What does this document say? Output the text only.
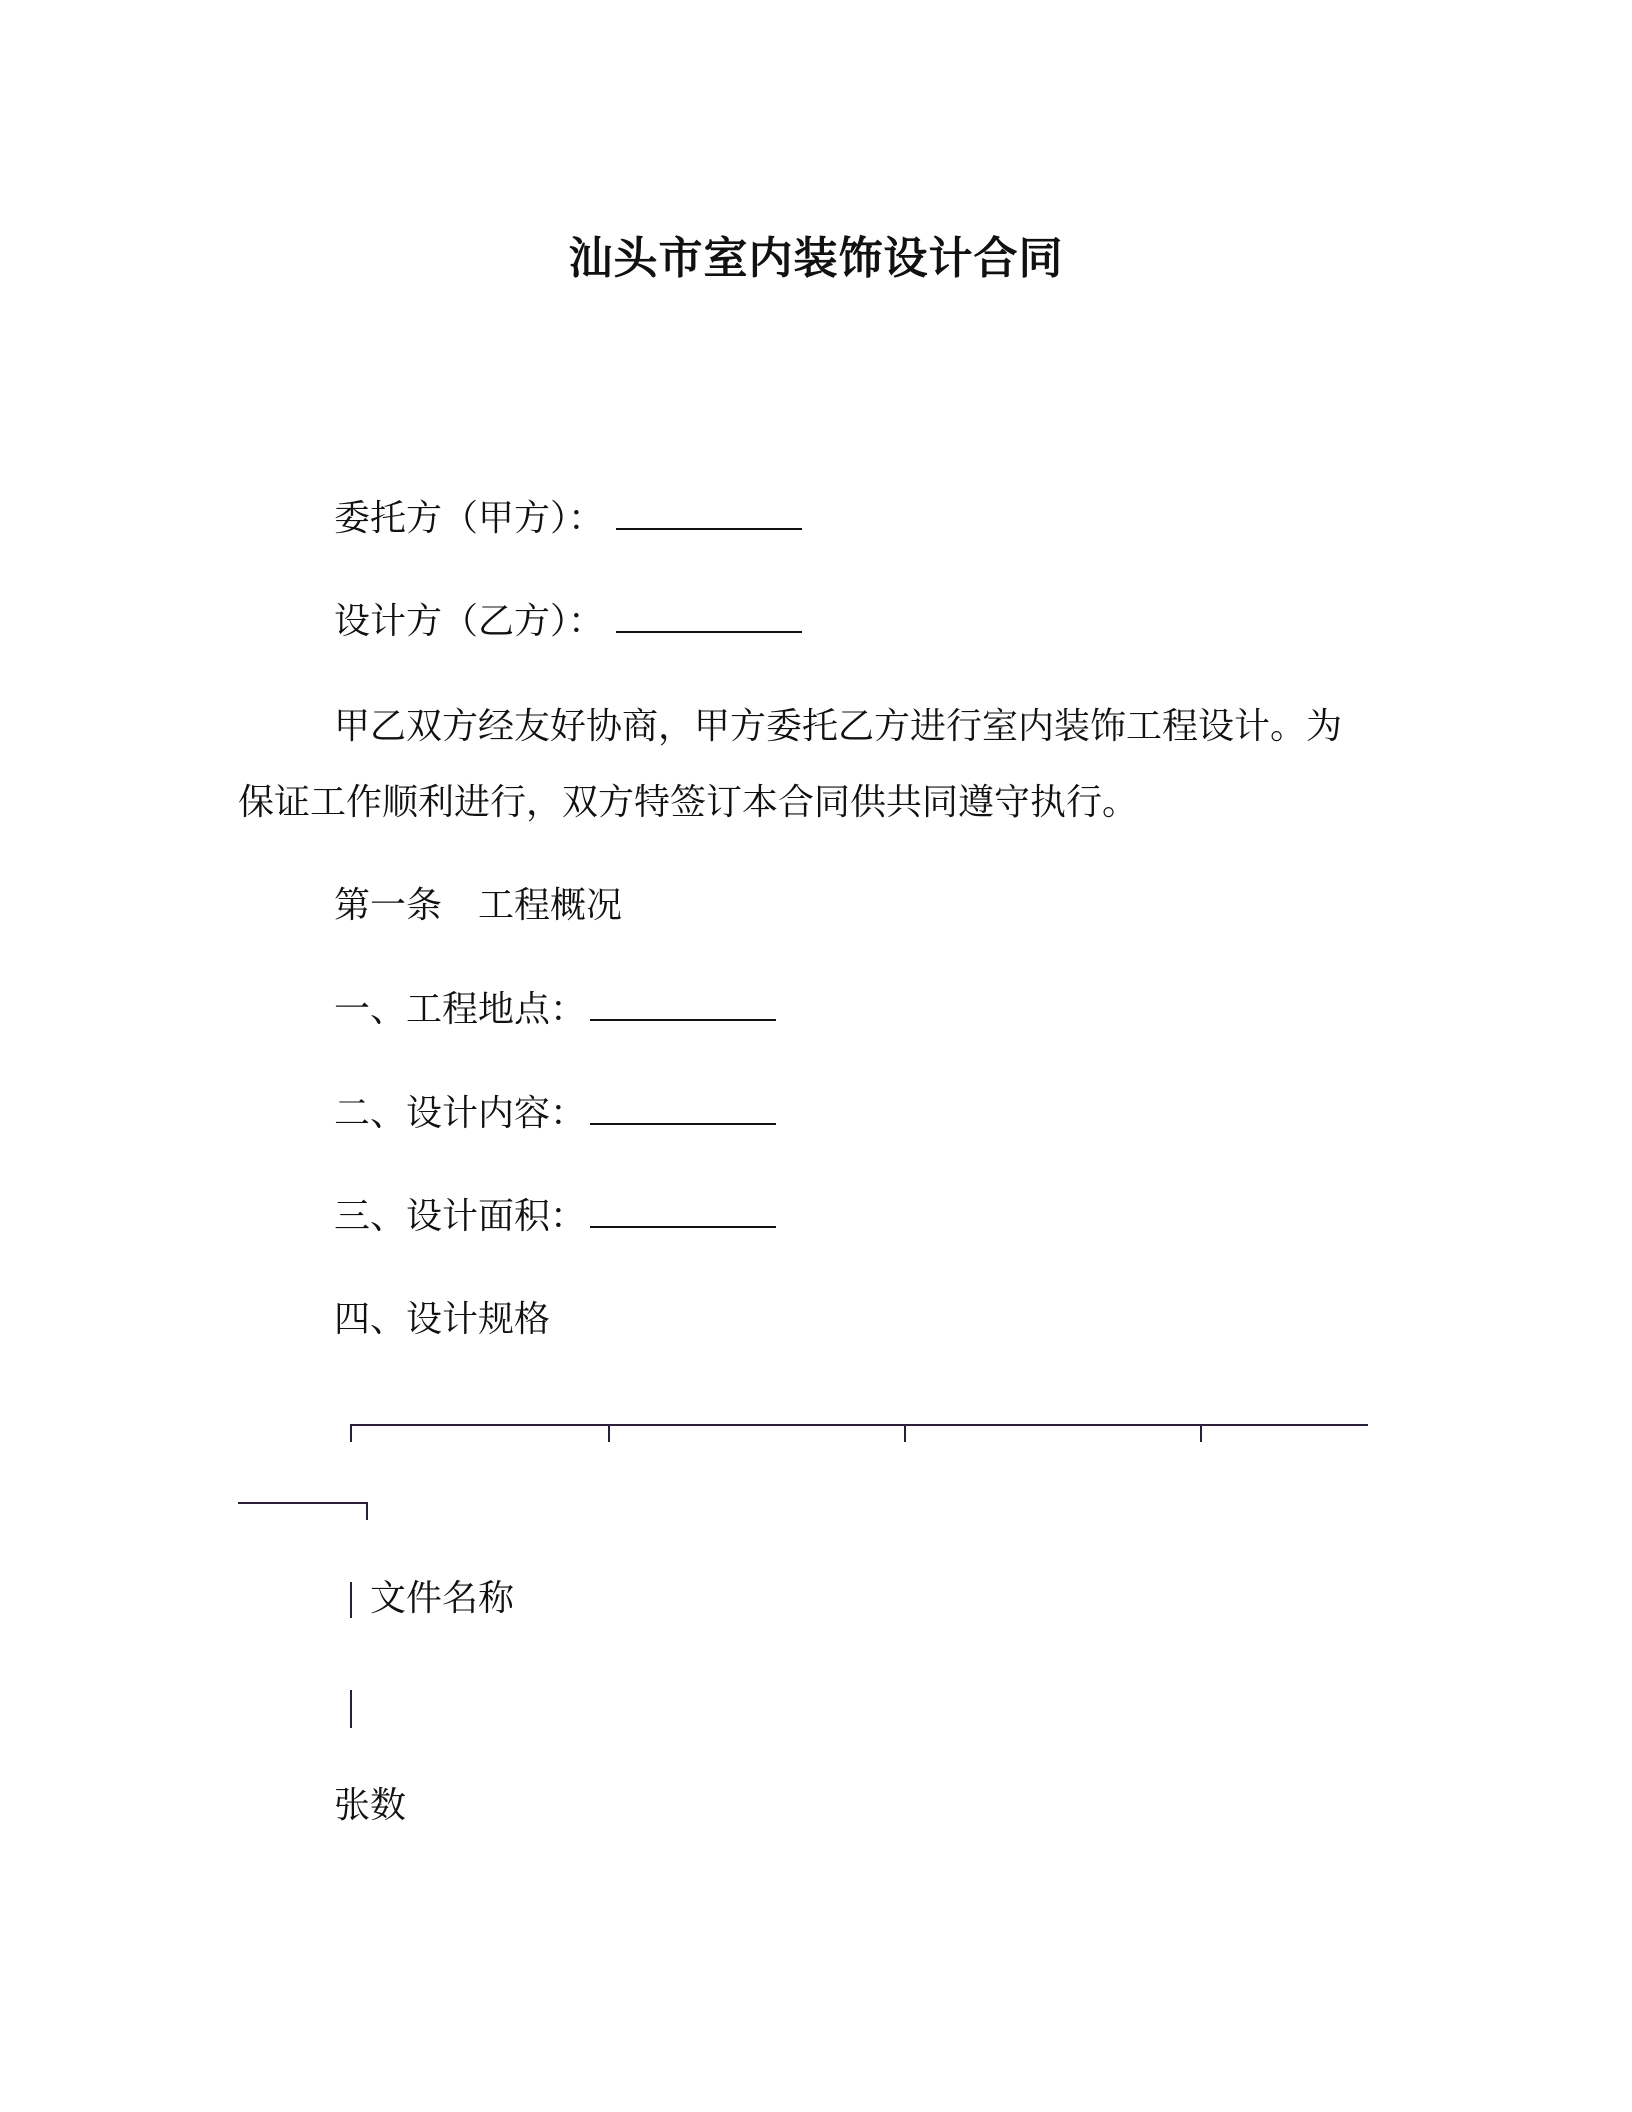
汕头市室内装饰设计合同
委托方（甲方）：
设计方（乙方）：
甲乙双方经友好协商，甲方委托乙方进行室内装饰工程设计。为
保证工作顺利进行，双方特签订本合同供共同遵守执行。
第一条　工程概况
一、工程地点：
二、设计内容：
三、设计面积：
四、设计规格
文件名称
张数
